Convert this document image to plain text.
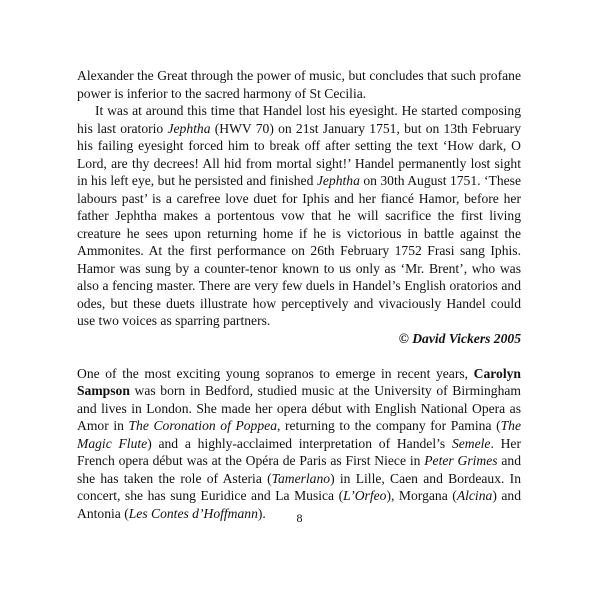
Alexander the Great through the power of music, but concludes that such profane power is inferior to the sacred harmony of St Cecilia.

It was at around this time that Handel lost his eyesight. He started composing his last oratorio Jephtha (HWV 70) on 21st January 1751, but on 13th February his failing eyesight forced him to break off after setting the text ‘How dark, O Lord, are thy decrees! All hid from mortal sight!’ Handel permanently lost sight in his left eye, but he persisted and finished Jephtha on 30th August 1751. ‘These labours past’ is a carefree love duet for Iphis and her fiancé Hamor, before her father Jephtha makes a portentous vow that he will sacrifice the first living creature he sees upon returning home if he is victorious in battle against the Ammonites. At the first performance on 26th February 1752 Frasi sang Iphis. Hamor was sung by a counter-tenor known to us only as ‘Mr. Brent’, who was also a fencing master. There are very few duels in Handel’s English oratorios and odes, but these duets illustrate how perceptively and vivaciously Handel could use two voices as sparring partners.

© David Vickers 2005

One of the most exciting young sopranos to emerge in recent years, Carolyn Sampson was born in Bedford, studied music at the University of Birmingham and lives in London. She made her opera début with English National Opera as Amor in The Coronation of Poppea, returning to the company for Pamina (The Magic Flute) and a highly-acclaimed interpretation of Handel’s Semele. Her French opera début was at the Opéra de Paris as First Niece in Peter Grimes and she has taken the role of Asteria (Tamerlano) in Lille, Caen and Bordeaux. In concert, she has sung Euridice and La Musica (L’Orfeo), Morgana (Alcina) and Antonia (Les Contes d’Hoffmann).	8
